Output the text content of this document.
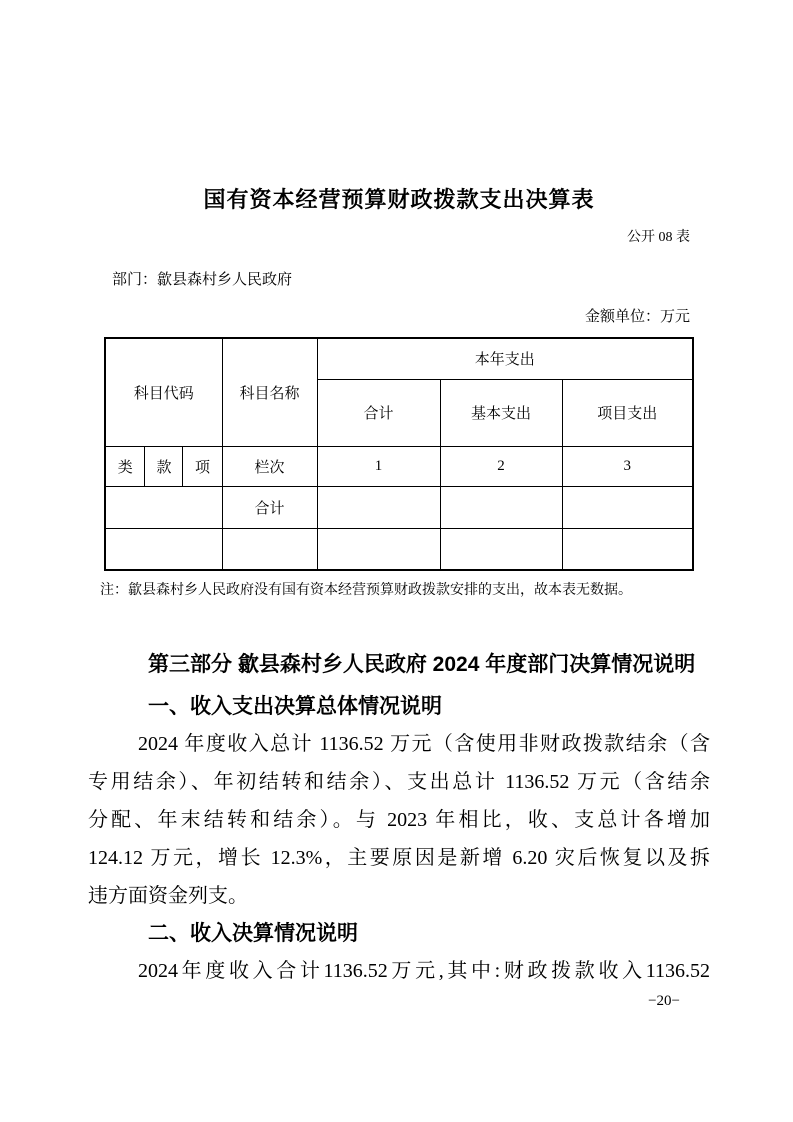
国有资本经营预算财政拨款支出决算表
公开 08 表
部门：歙县森村乡人民政府
金额单位：万元
科目代码			科目名称	本年支出		
				合计	基本支出	项目支出
类	款	项	栏次	1	2	3
			合计			

注：歙县森村乡人民政府没有国有资本经营预算财政拨款安排的支出，故本表无数据。
第三部分 歙县森村乡人民政府 2024 年度部门决算情况说明
一、收入支出决算总体情况说明

2024 年度收入总计 1136.52 万元（含使用非财政拨款结余（含

专用结余）、年初结转和结余）、支出总计 1136.52 万元（含结余

分配、年末结转和结余）。与 2023 年相比，收、支总计各增加

124.12 万元，增长 12.3%，主要原因是新增 6.20 灾后恢复以及拆

违方面资金列支。

二、收入决算情况说明

2024年度收入合计1136.52万元,其中:财政拨款收入1136.52

−20−
